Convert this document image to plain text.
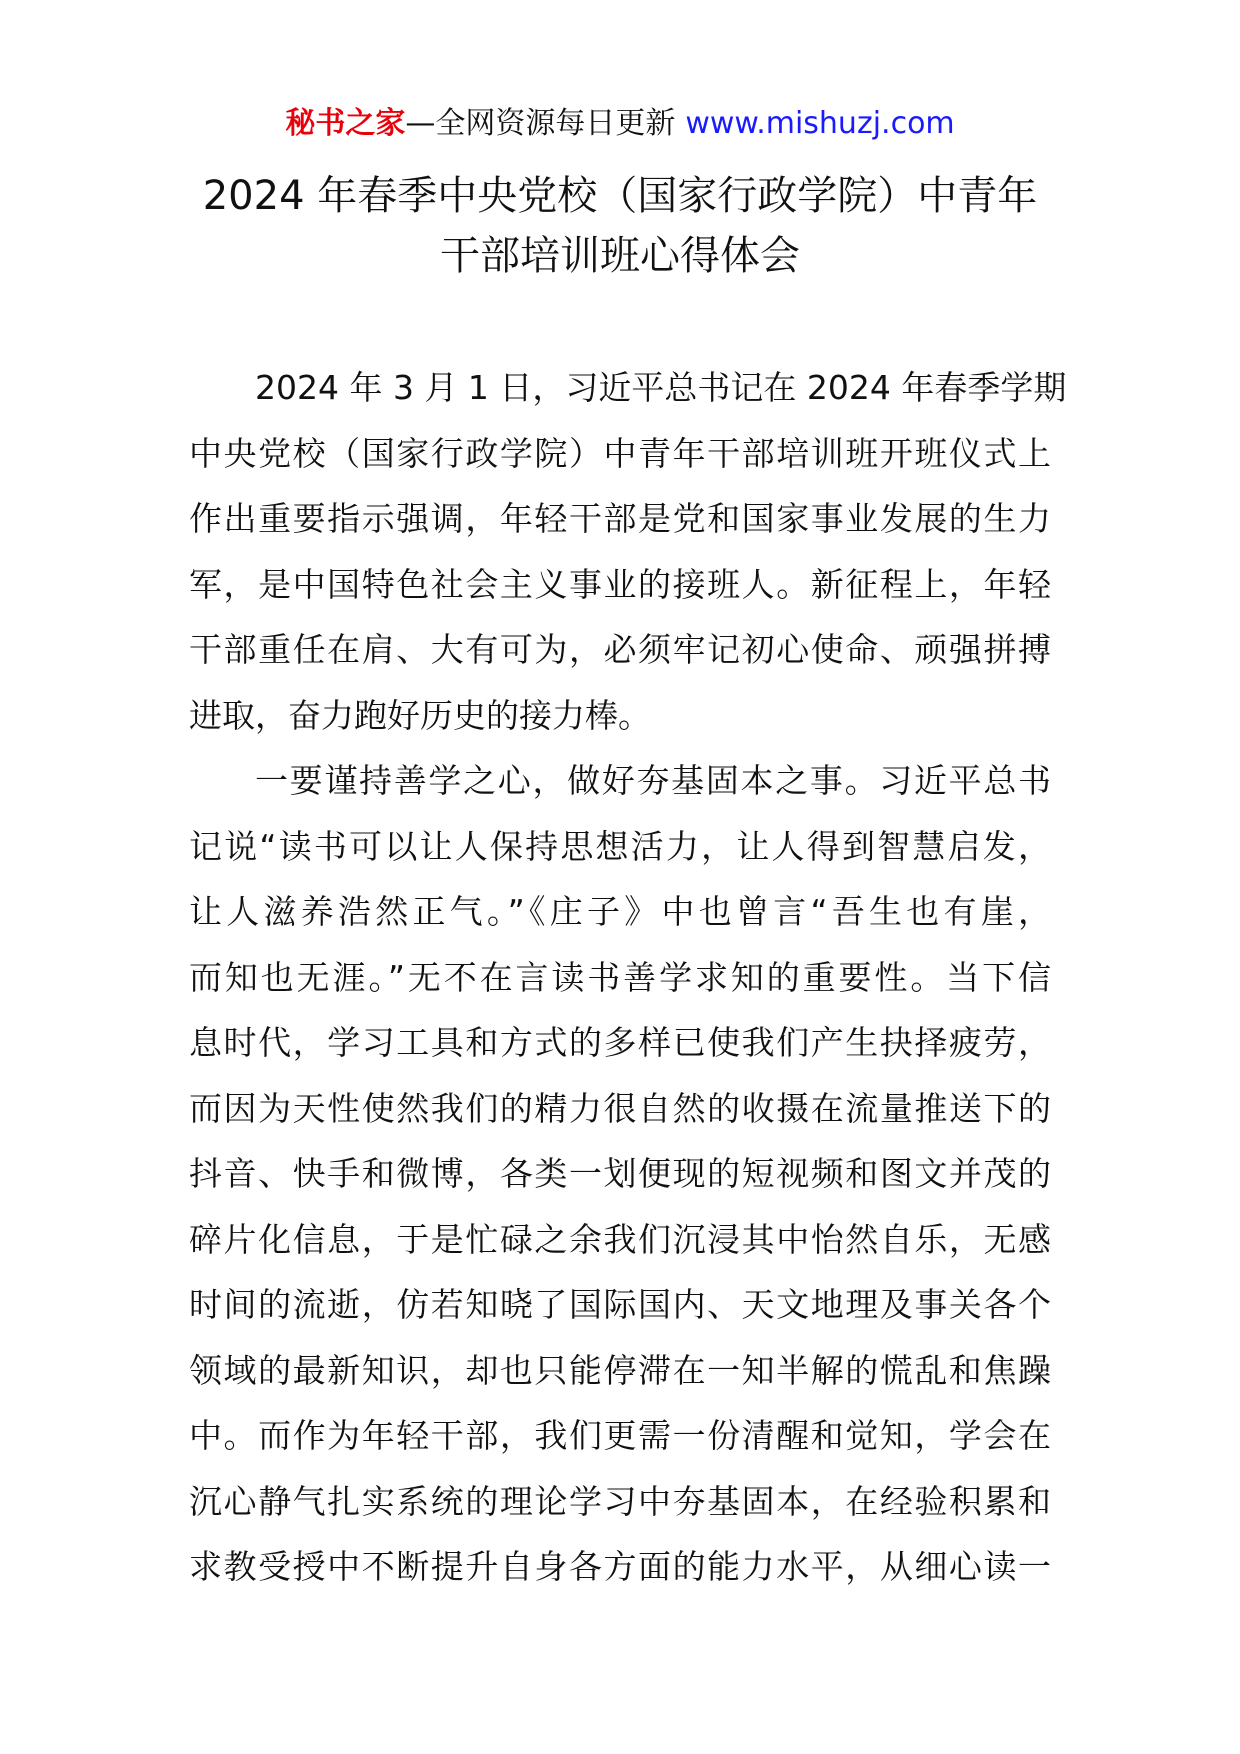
秘书之家—全网资源每日更新 www.mishuzj.com
2024 年春季中央党校（国家行政学院）中青年
干部培训班心得体会
2024 年 3 月 1 日，习近平总书记在 2024 年春季学期
中央党校（国家行政学院）中青年干部培训班开班仪式上
作出重要指示强调，年轻干部是党和国家事业发展的生力
军，是中国特色社会主义事业的接班人。新征程上，年轻
干部重任在肩、大有可为，必须牢记初心使命、顽强拼搏
进取，奋力跑好历史的接力棒。
一要谨持善学之心，做好夯基固本之事。习近平总书
记说“读书可以让人保持思想活力，让人得到智慧启发，
让人滋养浩然正气。”《庄子》中也曾言“吾生也有崖，
而知也无涯。”无不在言读书善学求知的重要性。当下信
息时代，学习工具和方式的多样已使我们产生抉择疲劳，
而因为天性使然我们的精力很自然的收摄在流量推送下的
抖音、快手和微博，各类一划便现的短视频和图文并茂的
碎片化信息，于是忙碌之余我们沉浸其中怡然自乐，无感
时间的流逝，仿若知晓了国际国内、天文地理及事关各个
领域的最新知识，却也只能停滞在一知半解的慌乱和焦躁
中。而作为年轻干部，我们更需一份清醒和觉知，学会在
沉心静气扎实系统的理论学习中夯基固本，在经验积累和
求教受授中不断提升自身各方面的能力水平，从细心读一
